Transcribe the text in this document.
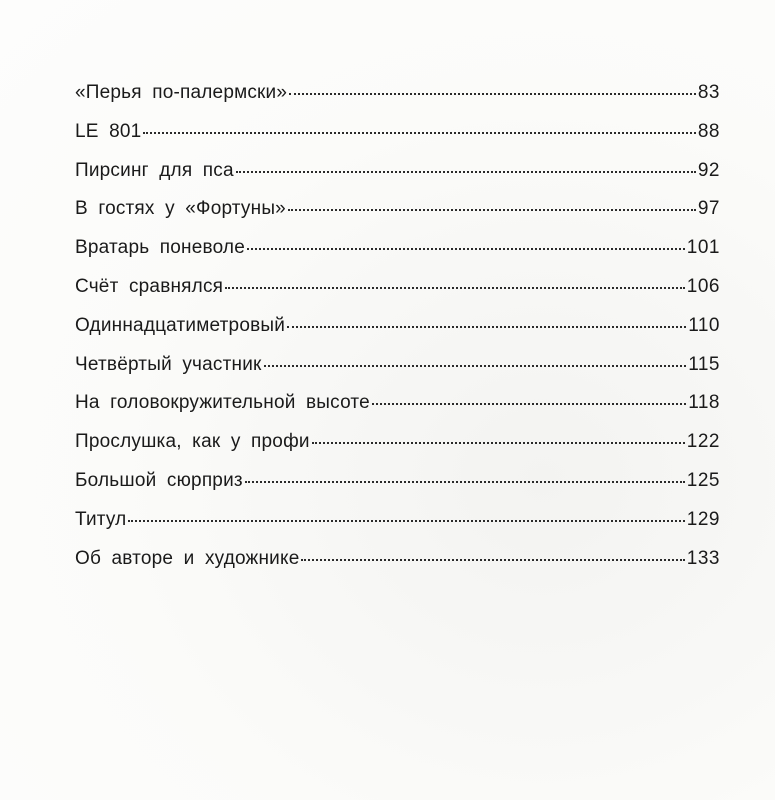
«Перья по-палермски»	83
LE 801	88
Пирсинг для пса	92
В гостях у «Фортуны»	97
Вратарь поневоле	101
Счёт сравнялся	106
Одиннадцатиметровый	110
Четвёртый участник	115
На головокружительной высоте	118
Прослушка, как у профи	122
Большой сюрприз	125
Титул	129
Об авторе и художнике	133
